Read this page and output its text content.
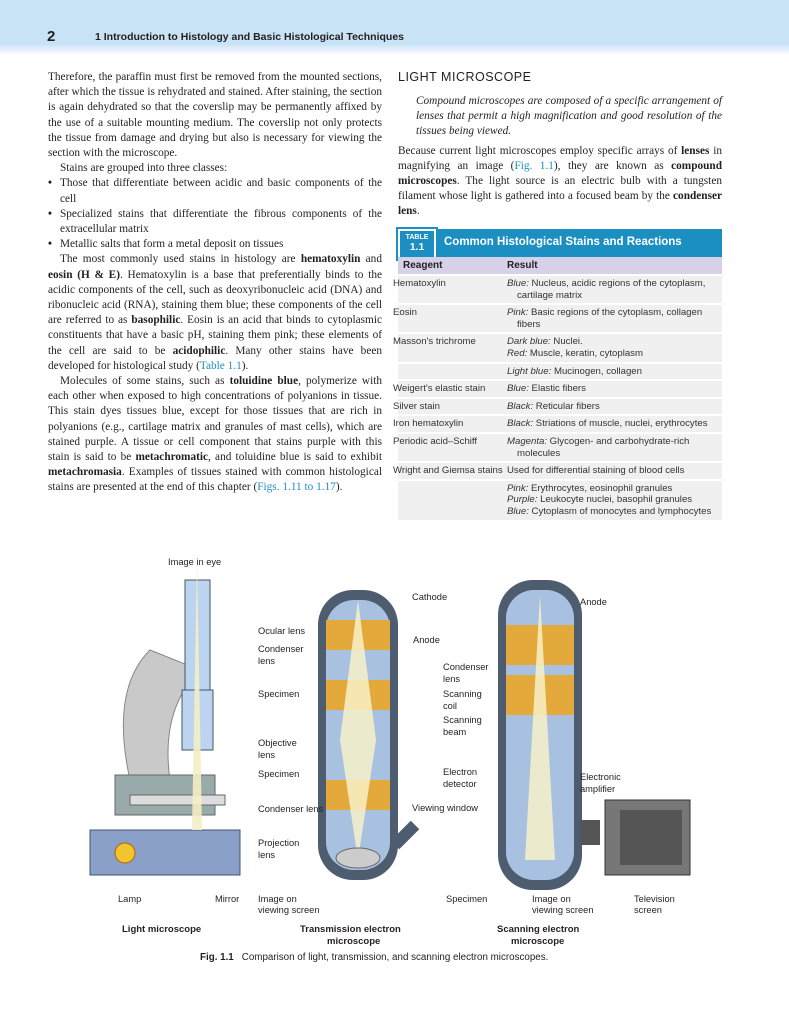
2	1 Introduction to Histology and Basic Histological Techniques

Therefore, the paraffin must first be removed from the mounted sections, after which the tissue is rehydrated and stained. After staining, the section is again dehydrated so that the coverslip may be permanently affixed by the use of a suitable mounting medium. The coverslip not only protects the tissue from damage and drying but also is necessary for viewing the section with the microscope.

Stains are grouped into three classes:

• Those that differentiate between acidic and basic components of the cell
• Specialized stains that differentiate the fibrous components of the extracellular matrix
• Metallic salts that form a metal deposit on tissues

The most commonly used stains in histology are hematoxylin and eosin (H & E). Hematoxylin is a base that preferentially binds to the acidic components of the cell, such as deoxyribonucleic acid (DNA) and ribonucleic acid (RNA), staining them blue; these components of the cell are referred to as basophilic. Eosin is an acid that binds to cytoplasmic constituents that have a basic pH, staining them pink; these elements of the cell are said to be acidophilic. Many other stains have been developed for histological study (Table 1.1).

Molecules of some stains, such as toluidine blue, polymerize with each other when exposed to high concentrations of polyanions in tissue. This stain dyes tissues blue, except for those tissues that are rich in polyanions (e.g., cartilage matrix and granules of mast cells), which are stained purple. A tissue or cell component that stains purple with this stain is said to be metachromatic, and toluidine blue is said to exhibit metachromasia. Examples of tissues stained with common histological stains are presented at the end of this chapter (Figs. 1.11 to 1.17).

LIGHT MICROSCOPE

Compound microscopes are composed of a specific arrangement of lenses that permit a high magnification and good resolution of the tissues being viewed.

Because current light microscopes employ specific arrays of lenses in magnifying an image (Fig. 1.1), they are known as compound microscopes. The light source is an electric bulb with a tungsten filament whose light is gathered into a focused beam by the condenser lens.

TABLE
1.1	Common Histological Stains and Reactions
Reagent	Result
Hematoxylin	Blue: Nucleus, acidic regions of the cytoplasm, cartilage matrix
Eosin	Pink: Basic regions of the cytoplasm, collagen fibers
Masson's trichrome	Dark blue: Nuclei.
Red: Muscle, keratin, cytoplasm
Light blue: Mucinogen, collagen
Weigert's elastic stain	Blue: Elastic fibers
Silver stain	Black: Reticular fibers
Iron hematoxylin	Black: Striations of muscle, nuclei, erythrocytes
Periodic acid–Schiff	Magenta: Glycogen- and carbohydrate-rich molecules
Wright and Giemsa stains Used for differential staining of blood cells
Pink: Erythrocytes, eosinophil granules
Purple: Leukocyte nuclei, basophil granules
Blue: Cytoplasm of monocytes and lymphocytes
Image in eye
Ocular lens
Specimen
Condenser lens
Lamp	Mirror
Cathode
Anode
Condenser
lens
Specimen
Objective
lens
Projection
lens
Viewing window
Image on
viewing screen
Anode
Condenser
lens
Scanning
coil
Scanning
beam
Electron
detector
Electronic
amplifier
Specimen	Image on
viewing screen
Television
screen
Light microscope	Transmission electron
microscope
Scanning electron
microscope
Fig. 1.1 Comparison of light, transmission, and scanning electron microscopes.
